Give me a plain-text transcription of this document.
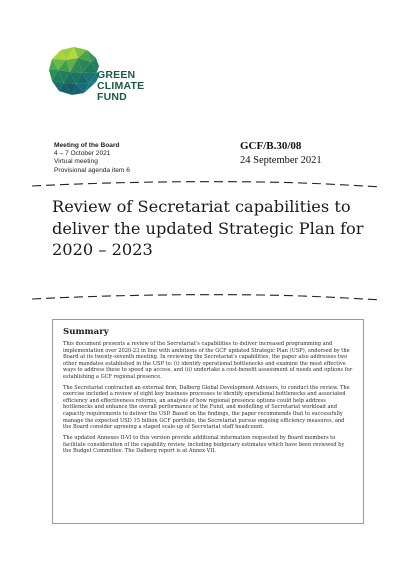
GREEN
CLIMATE
FUND
Meeting of the Board
4 – 7 October 2021
Virtual meeting
Provisional agenda item 6
GCF/B.30/08
24 September 2021
Review of Secretariat capabilities to
deliver the updated Strategic Plan for
2020 – 2023
Summary

This document presents a review of the Secretariat's capabilities to deliver increased programming and implementation over 2020-23 in line with ambitions of the GCF updated Strategic Plan (USP), endorsed by the Board at its twenty-seventh meeting. In reviewing the Secretariat's capabilities, the paper also addresses two other mandates established in the USP to: (i) identify operational bottlenecks and examine the most effective ways to address these to speed up access, and (ii) undertake a cost-benefit assessment of needs and options for establishing a GCF regional presence.

The Secretariat contracted an external firm, Dalberg Global Development Advisers, to conduct the review. The exercise included a review of eight key business processes to identify operational bottlenecks and associated efficiency and effectiveness reforms, an analysis of how regional presence options could help address bottlenecks and enhance the overall performance of the Fund, and modelling of Secretariat workload and capacity requirements to deliver the USP. Based on the findings, the paper recommends that to successfully manage the expected USD 15 billion GCF portfolio, the Secretariat pursue ongoing efficiency measures, and the Board consider agreeing a staged scale-up of Secretariat staff headcount.

The updated Annexes II-VI to this version provide additional information requested by Board members to facilitate consideration of the capability review, including budgetary estimates which have been reviewed by the Budget Committee. The Dalberg report is at Annex VII.
